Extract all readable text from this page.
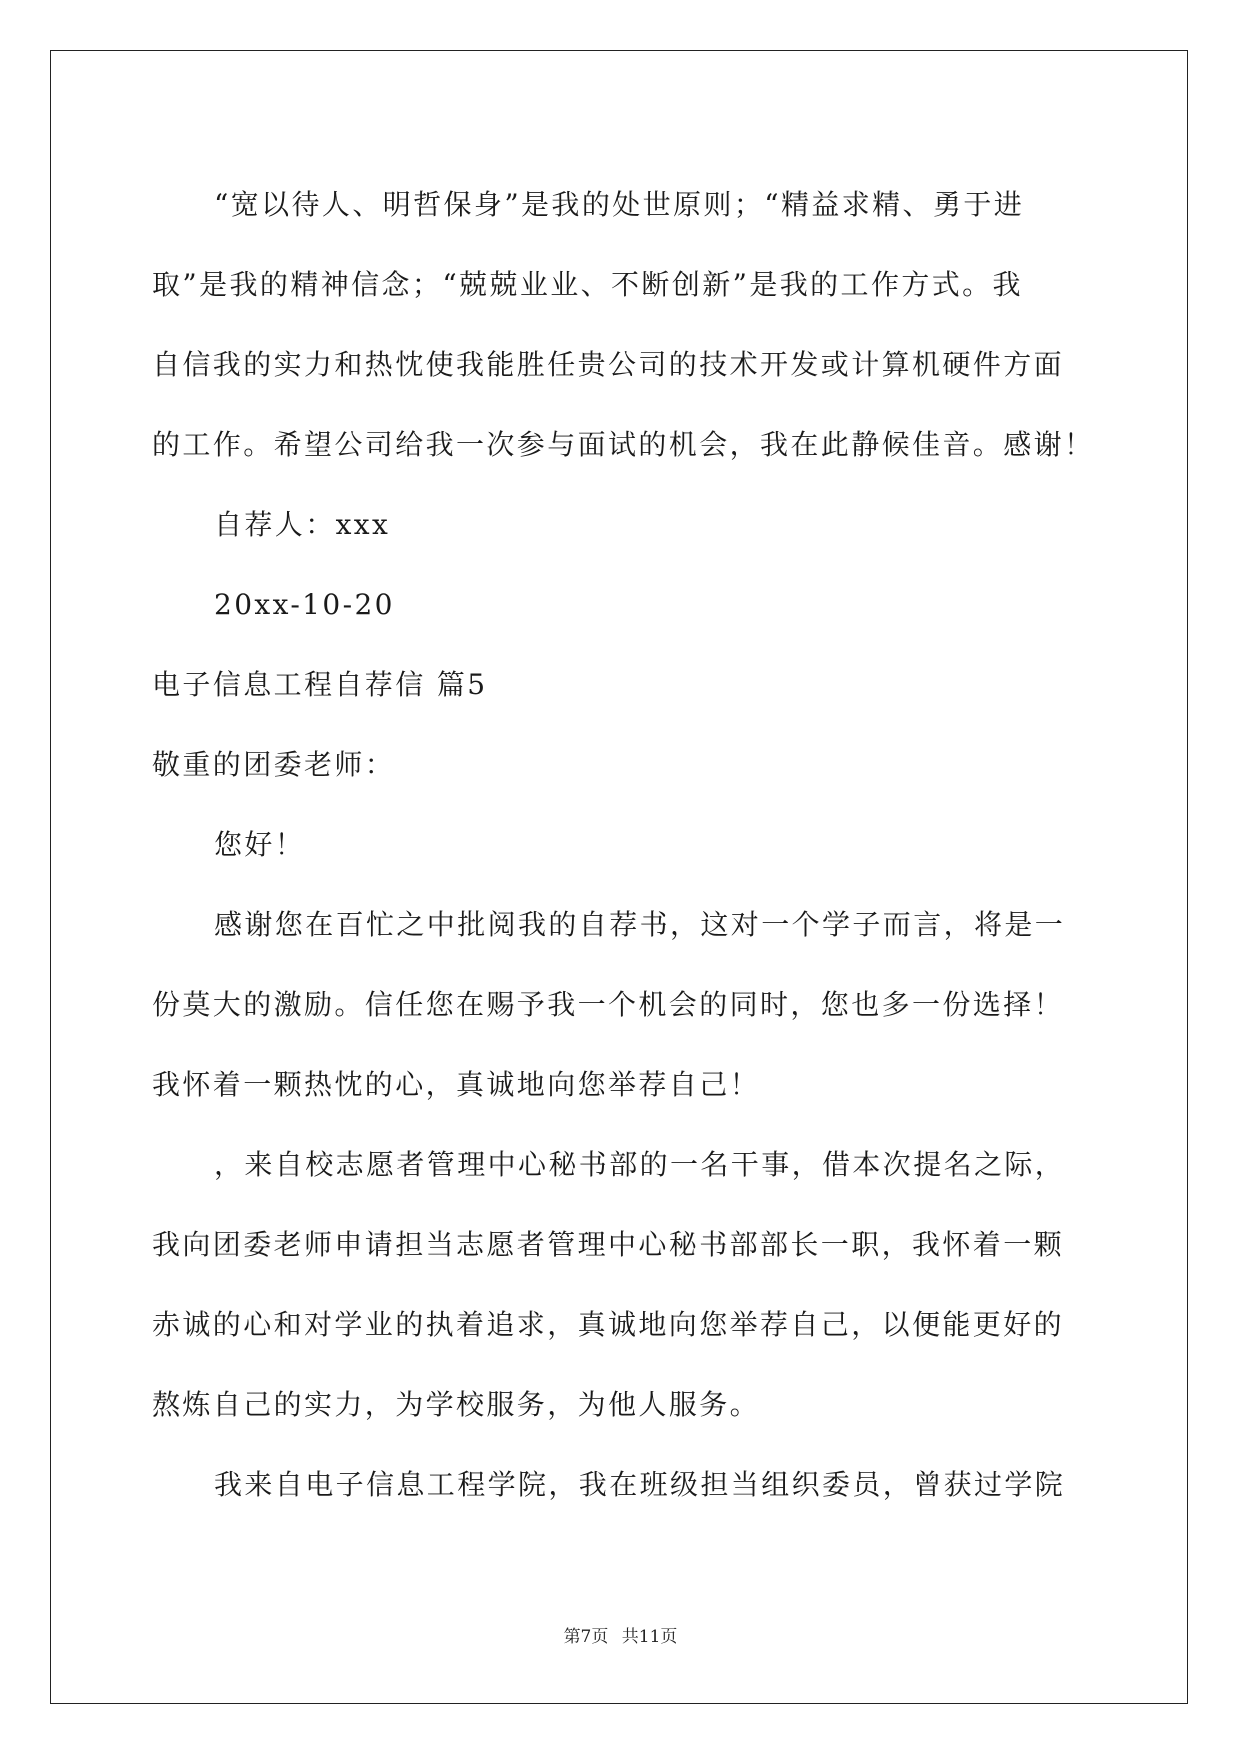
“宽以待人、明哲保身”是我的处世原则；“精益求精、勇于进
取”是我的精神信念；“兢兢业业、不断创新”是我的工作方式。我
自信我的实力和热忱使我能胜任贵公司的技术开发或计算机硬件方面
的工作。希望公司给我一次参与面试的机会，我在此静候佳音。感谢！
自荐人：xxx
20xx-10-20
电子信息工程自荐信 篇5
敬重的团委老师：
您好！
感谢您在百忙之中批阅我的自荐书，这对一个学子而言，将是一
份莫大的激励。信任您在赐予我一个机会的同时，您也多一份选择！
我怀着一颗热忱的心，真诚地向您举荐自己！
，来自校志愿者管理中心秘书部的一名干事，借本次提名之际，
我向团委老师申请担当志愿者管理中心秘书部部长一职，我怀着一颗
赤诚的心和对学业的执着追求，真诚地向您举荐自己，以便能更好的
熬炼自己的实力，为学校服务，为他人服务。
我来自电子信息工程学院，我在班级担当组织委员，曾获过学院
第7页 共11页
